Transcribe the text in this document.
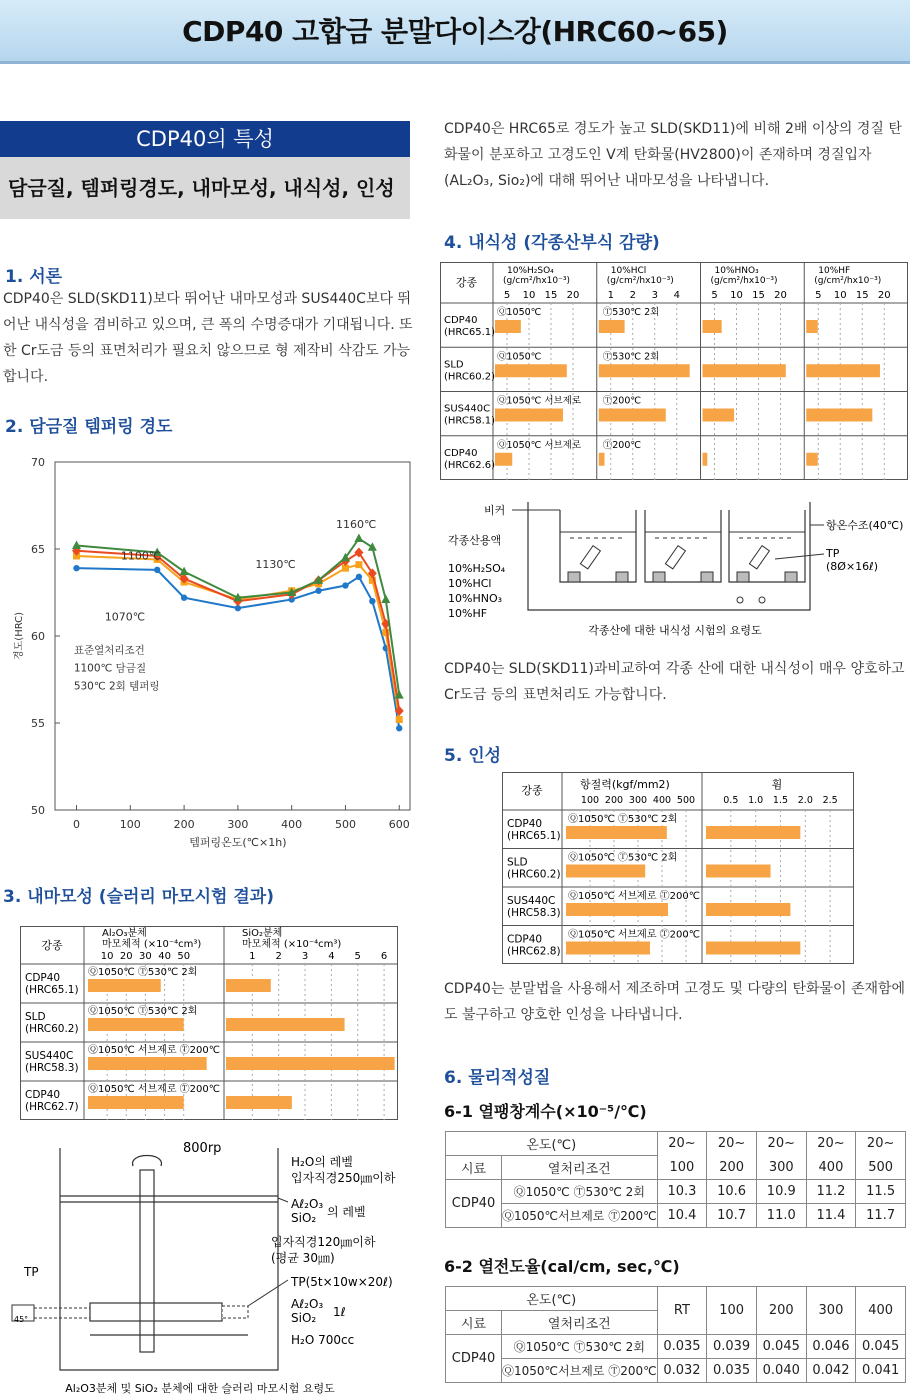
CDP40 고합금 분말다이스강(HRC60~65)
CDP40의 특성
담금질, 템퍼링경도, 내마모성, 내식성, 인성
1. 서론

CDP40은 SLD(SKD11)보다 뛰어난 내마모성과 SUS440C보다 뛰어난 내식성을 겸비하고 있으며, 큰 폭의 수명증대가 기대됩니다. 또한 Cr도금 등의 표면처리가 필요치 않으므로 형 제작비 삭감도 가능합니다.

2. 담금질 템퍼링 경도
50
55
60
65
70
0	100	200	300	400	500	600
템퍼링온도(℃×1h)
경도(HRC)
1160℃
1130℃
1100℃
1070℃
표준열처리조건
1100℃ 담금질
530℃ 2회 템퍼링
3. 내마모성 (슬러리 마모시험 결과)
강종
Al₂O₃분체
마모체적 (×10⁻⁴cm³)
10 20 30 40 50
SiO₂분체
마모체적 (×10⁻⁴cm³)
1 2 3 4 5 6
CDP40
(HRC65.1)
Ⓠ1050℃ Ⓣ530℃ 2회
SLD
(HRC60.2)
Ⓠ1050℃ Ⓣ530℃ 2회
SUS440C
(HRC58.3)
Ⓠ1050℃ 서브제로 Ⓣ200℃
CDP40
(HRC62.7)
Ⓠ1050℃ 서브제로 Ⓣ200℃
800rp
45°
TP
H₂O의 레벨
입자직경250㎛이하
Aℓ₂O₃
SiO₂ 의 레벨
입자직경120㎛이하
(평균 30㎛)
TP(5t×10w×20ℓ)
Aℓ₂O₃
SiO₂ 1ℓ
H₂O 700cc
Al₂O3분체 및 SiO₂ 분체에 대한 슬러리 마모시험 요령도

CDP40은 HRC65로 경도가 높고 SLD(SKD11)에 비해 2배 이상의 경질 탄화물이 분포하고 고경도인 V계 탄화물(HV2800)이 존재하며 경질입자(AL₂O₃, Sio₂)에 대해 뛰어난 내마모성을 나타냅니다.

4. 내식성 (각종산부식 감량)
강종
10%H₂SO₄
(g/cm²/hx10⁻³)
5 10 15 20
10%HCl
(g/cm²/hx10⁻³)
1 2 3 4
10%HNO₃
(g/cm²/hx10⁻³)
5 10 15 20
10%HF
(g/cm²/hx10⁻³)
5 10 15 20
CDP40
(HRC65.1)
Ⓠ1050℃	Ⓣ530℃ 2회
SLD
(HRC60.2)
Ⓠ1050℃	Ⓣ530℃ 2회
SUS440C
(HRC58.1)
Ⓠ1050℃ 서브제로 Ⓣ200℃
CDP40
(HRC62.6)
Ⓠ1050℃ 서브제로 Ⓣ200℃
비커
각종산용액
10%H₂SO₄
10%HCl
10%HNO₃
10%HF
항온수조(40℃)
TP
(8Ø×16ℓ)
각종산에 대한 내식성 시험의 요령도

CDP40는 SLD(SKD11)과비교하여 각종 산에 대한 내식성이 매우 양호하고 Cr도금 등의 표면처리도 가능합니다.

5. 인성
강종	항절력(kgf/mm2)
100 200 300 400 500
휨
0.5 1.0 1.5 2.0 2.5
CDP40
(HRC65.1)
Ⓠ1050℃ Ⓣ530℃ 2회
SLD
(HRC60.2)
Ⓠ1050℃ Ⓣ530℃ 2회
SUS440C
(HRC58.3)
Ⓠ1050℃ 서브제로 Ⓣ200℃
CDP40
(HRC62.8)
Ⓠ1050℃ 서브제로 Ⓣ200℃

CDP40는 분말법을 사용해서 제조하며 고경도 및 다량의 탄화물이 존재함에도 불구하고 양호한 인성을 나타냅니다.

6. 물리적성질
6-1 열팽창계수(×10⁻⁵/℃)
온도(℃)		20~	20~	20~	20~	20~
시료	열처리조건	100	200	300	400	500
CDP40	Ⓠ1050℃ Ⓣ530℃ 2회	10.3	10.6	10.9	11.2	11.5
	Ⓠ1050℃서브제로 Ⓣ200℃	10.4	10.7	11.0	11.4	11.7
6-2 열전도율(cal/cm, sec,℃)
온도(℃)		RT	100	200	300	400
시료	열처리조건					
CDP40	Ⓠ1050℃ Ⓣ530℃ 2회	0.035	0.039	0.045	0.046	0.045
	Ⓠ1050℃서브제로 Ⓣ200℃	0.032	0.035	0.040	0.042	0.041
